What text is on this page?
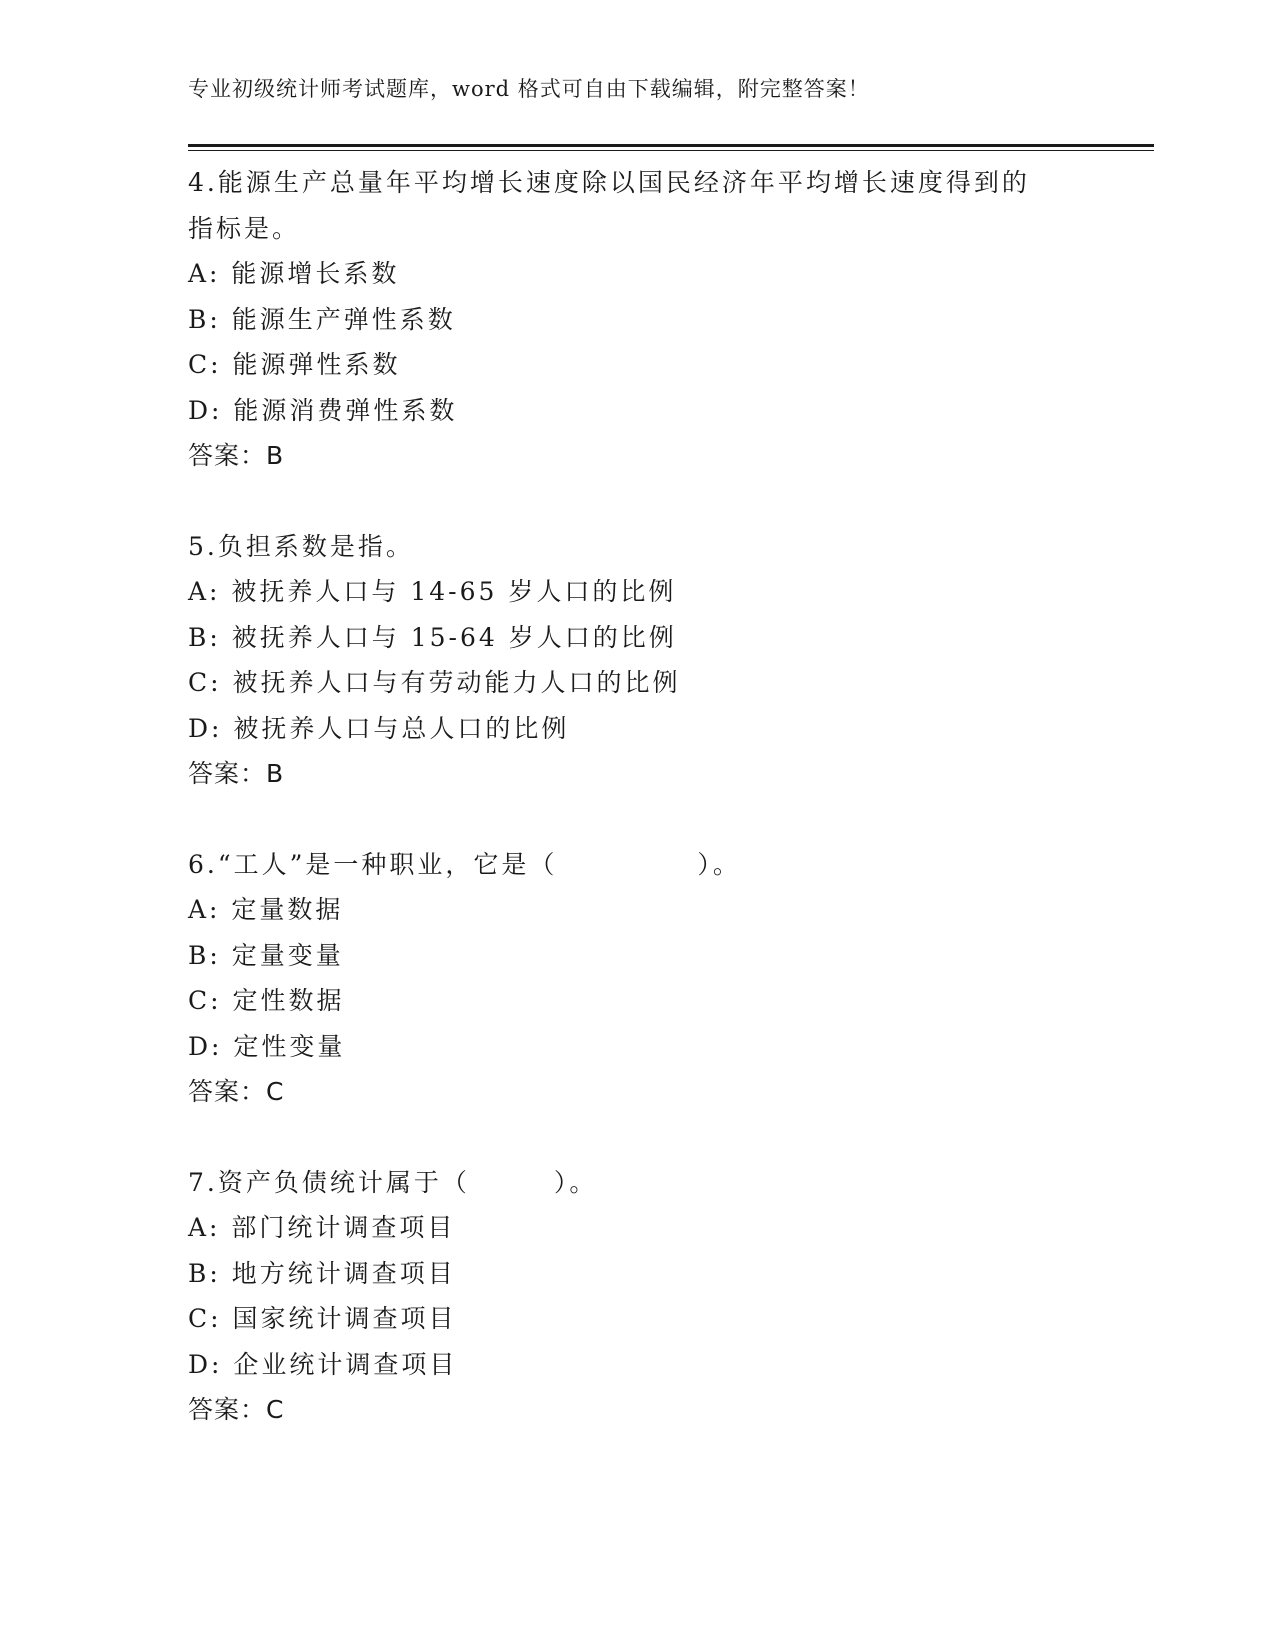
专业初级统计师考试题库，word 格式可自由下载编辑，附完整答案！
4.能源生产总量年平均增长速度除以国民经济年平均增长速度得到的
指标是。
A: 能源增长系数
B: 能源生产弹性系数
C: 能源弹性系数
D: 能源消费弹性系数
答案：B
5.负担系数是指。
A: 被抚养人口与 14-65 岁人口的比例
B: 被抚养人口与 15-64 岁人口的比例
C: 被抚养人口与有劳动能力人口的比例
D: 被抚养人口与总人口的比例
答案：B
6.“工人”是一种职业，它是（　　　　　）。
A: 定量数据
B: 定量变量
C: 定性数据
D: 定性变量
答案：C
7.资产负债统计属于（　　　）。
A: 部门统计调查项目
B: 地方统计调查项目
C: 国家统计调查项目
D: 企业统计调查项目
答案：C
